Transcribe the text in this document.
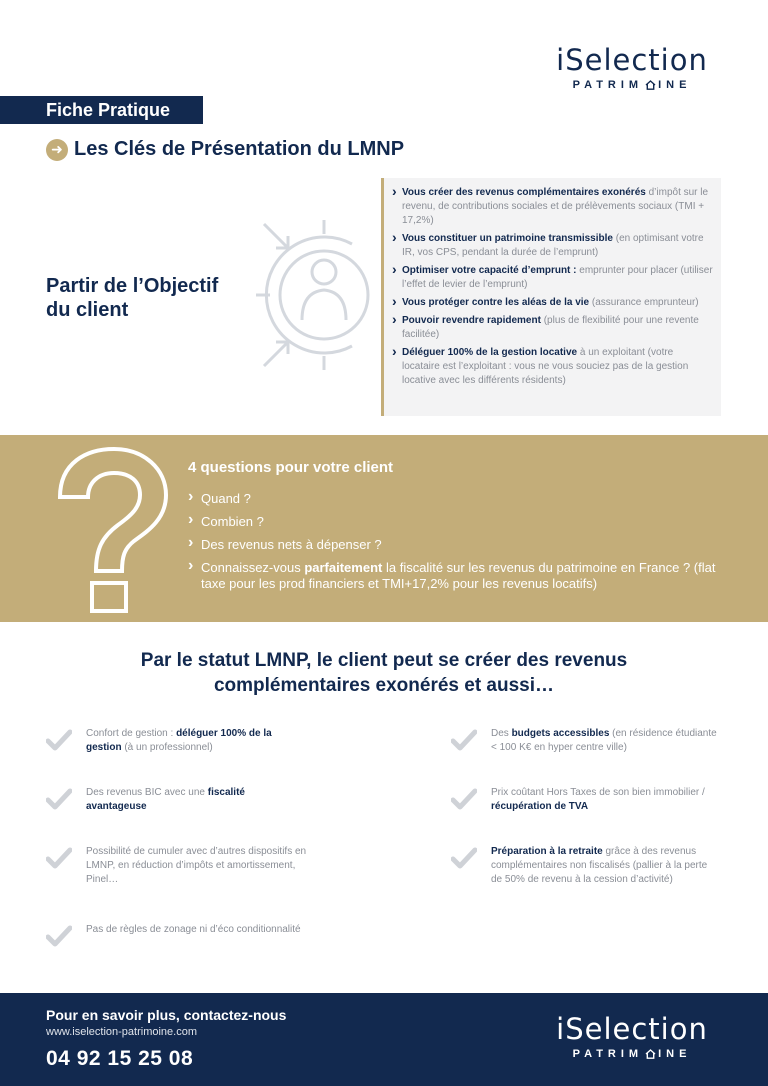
iSelection
PATRIM INE
Fiche Pratique
➜ Les Clés de Présentation du LMNP
Partir de l’Objectif
du client
› Vous créer des revenus complémentaires exonérés d’impôt sur le revenu, de contributions sociales et de prélèvements sociaux (TMI + 17,2%)
› Vous constituer un patrimoine transmissible (en optimisant votre IR, vos CPS, pendant la durée de l’emprunt)
› Optimiser votre capacité d’emprunt : emprunter pour placer (utiliser l’effet de levier de l’emprunt)
› Vous protéger contre les aléas de la vie (assurance emprunteur)
› Pouvoir revendre rapidement (plus de flexibilité pour une revente facilitée)
› Déléguer 100% de la gestion locative à un exploitant (votre locataire est l’exploitant : vous ne vous souciez pas de la gestion locative avec les différents résidents)
4 questions pour votre client
› Quand ?
› Combien ?
› Des revenus nets à dépenser ?
› Connaissez-vous parfaitement la fiscalité sur les revenus du patrimoine en France ? (flat taxe pour les prod financiers et TMI+17,2% pour les revenus locatifs)
Par le statut LMNP, le client peut se créer des revenus
complémentaires exonérés et aussi…
Confort de gestion : déléguer 100% de la gestion (à un professionnel)
Des revenus BIC avec une fiscalité avantageuse
Possibilité de cumuler avec d’autres dispositifs en LMNP, en réduction d’impôts et amortissement, Pinel…
Pas de règles de zonage ni d’éco conditionnalité
Des budgets accessibles (en résidence étudiante < 100 K€ en hyper centre ville)
Prix coûtant Hors Taxes de son bien immobilier / récupération de TVA
Préparation à la retraite grâce à des revenus complémentaires non fiscalisés (pallier à la perte de 50% de revenu à la cession d’activité)
Pour en savoir plus, contactez-nous
www.iselection-patrimoine.com
04 92 15 25 08
iSelection
PATRIM INE
